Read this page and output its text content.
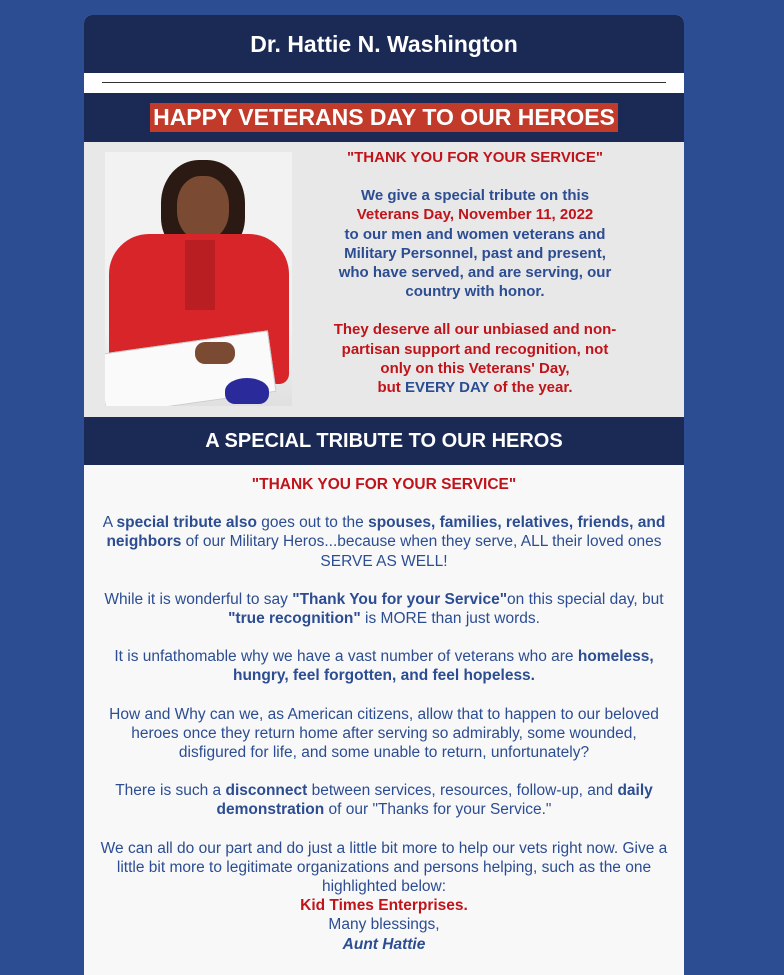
Dr. Hattie N. Washington
HAPPY VETERANS DAY TO OUR HEROES
"THANK YOU FOR YOUR SERVICE"
We give a special tribute on this
Veterans Day, November 11, 2022
to our men and women veterans and Military Personnel, past and present, who have served, and are serving, our country with honor.
They deserve all our unbiased and non-partisan support and recognition, not only on this Veterans' Day,
but EVERY DAY of the year.
A SPECIAL TRIBUTE TO OUR HEROS

"THANK YOU FOR YOUR SERVICE"

A special tribute also goes out to the spouses, families, relatives, friends, and neighbors of our Military Heros...because when they serve, ALL their loved ones SERVE AS WELL!

While it is wonderful to say "Thank You for your Service"on this special day, but "true recognition" is MORE than just words.

It is unfathomable why we have a vast number of veterans who are homeless, hungry, feel forgotten, and feel hopeless.

How and Why can we, as American citizens, allow that to happen to our beloved heroes once they return home after serving so admirably, some wounded, disfigured for life, and some unable to return, unfortunately?

There is such a disconnect between services, resources, follow-up, and daily demonstration of our "Thanks for your Service."

We can all do our part and do just a little bit more to help our vets right now. Give a little bit more to legitimate organizations and persons helping, such as the one highlighted below:
Kid Times Enterprises.
Many blessings,
Aunt Hattie
